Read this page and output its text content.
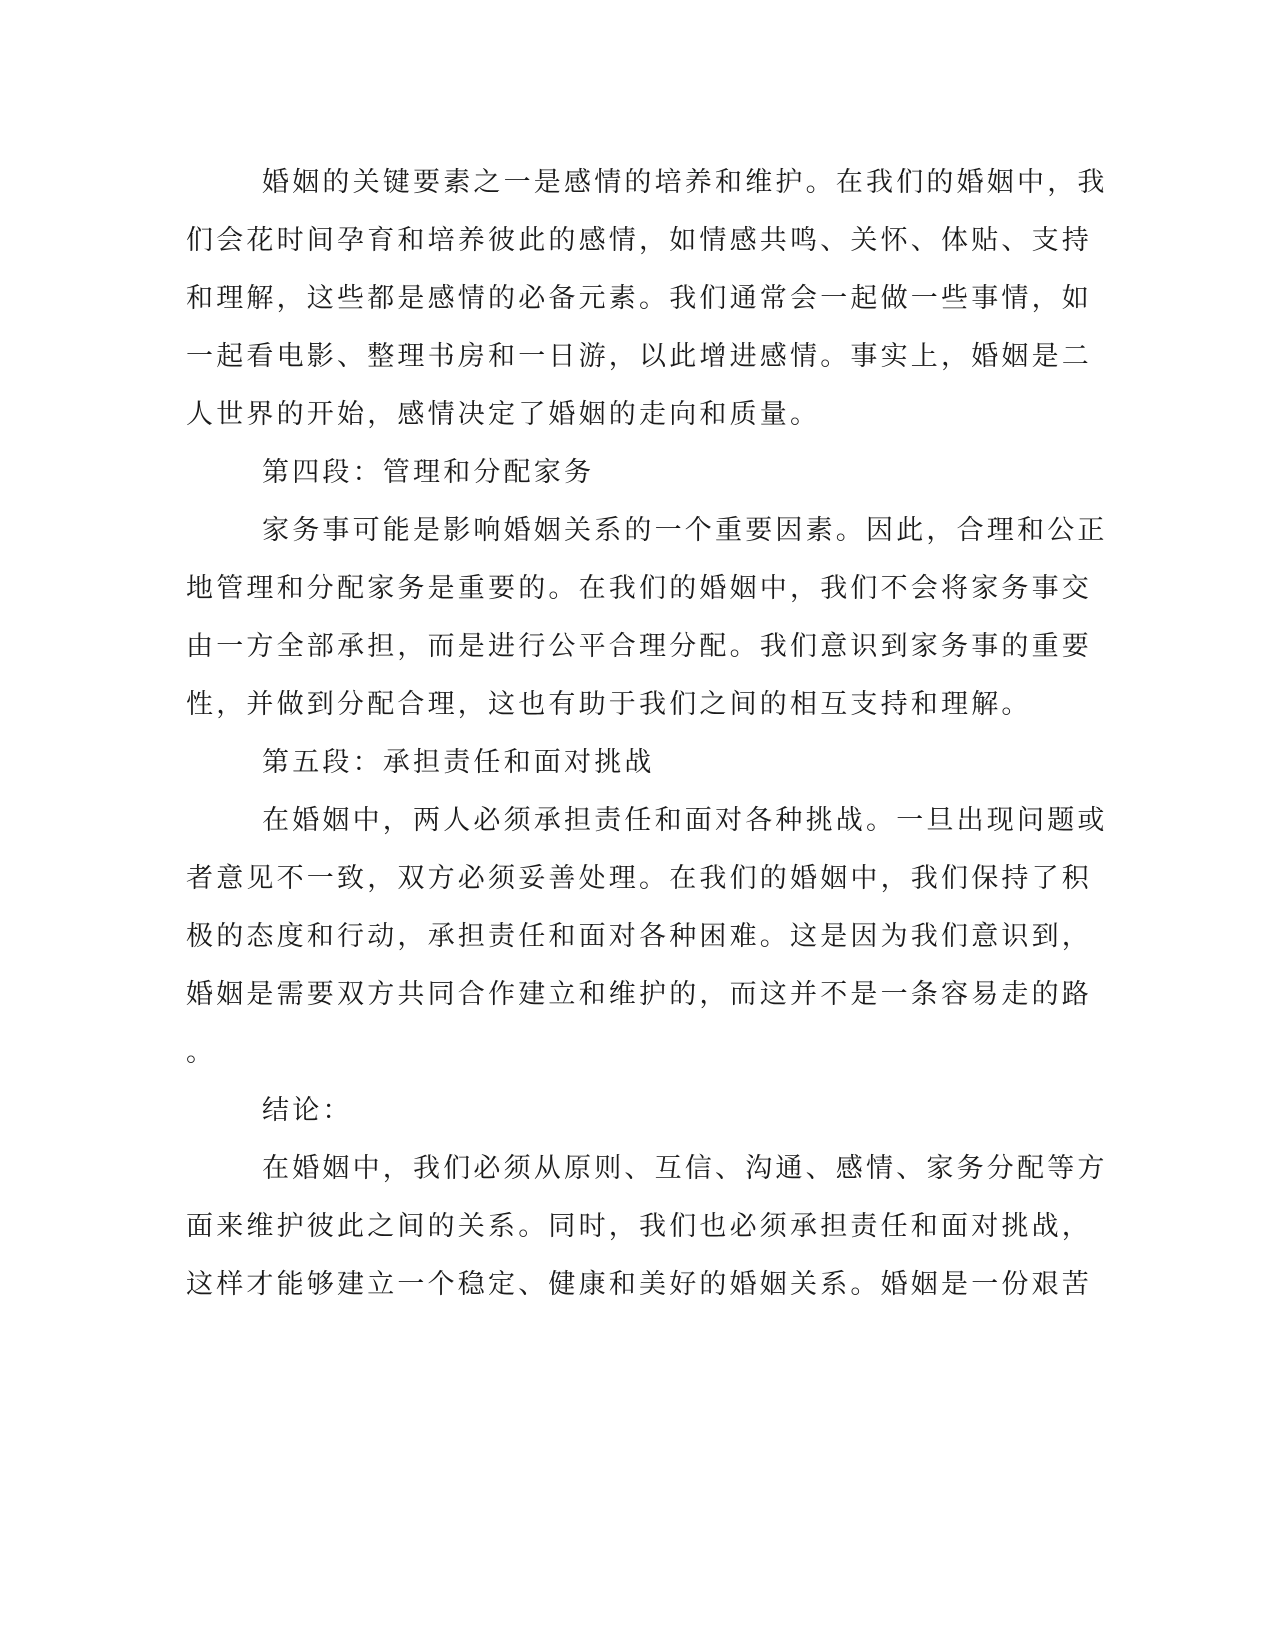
婚姻的关键要素之一是感情的培养和维护。在我们的婚姻中，我
们会花时间孕育和培养彼此的感情，如情感共鸣、关怀、体贴、支持
和理解，这些都是感情的必备元素。我们通常会一起做一些事情，如
一起看电影、整理书房和一日游，以此增进感情。事实上，婚姻是二
人世界的开始，感情决定了婚姻的走向和质量。
第四段：管理和分配家务
家务事可能是影响婚姻关系的一个重要因素。因此，合理和公正
地管理和分配家务是重要的。在我们的婚姻中，我们不会将家务事交
由一方全部承担，而是进行公平合理分配。我们意识到家务事的重要
性，并做到分配合理，这也有助于我们之间的相互支持和理解。
第五段：承担责任和面对挑战
在婚姻中，两人必须承担责任和面对各种挑战。一旦出现问题或
者意见不一致，双方必须妥善处理。在我们的婚姻中，我们保持了积
极的态度和行动，承担责任和面对各种困难。这是因为我们意识到，
婚姻是需要双方共同合作建立和维护的，而这并不是一条容易走的路
。
结论：
在婚姻中，我们必须从原则、互信、沟通、感情、家务分配等方
面来维护彼此之间的关系。同时，我们也必须承担责任和面对挑战，
这样才能够建立一个稳定、健康和美好的婚姻关系。婚姻是一份艰苦
